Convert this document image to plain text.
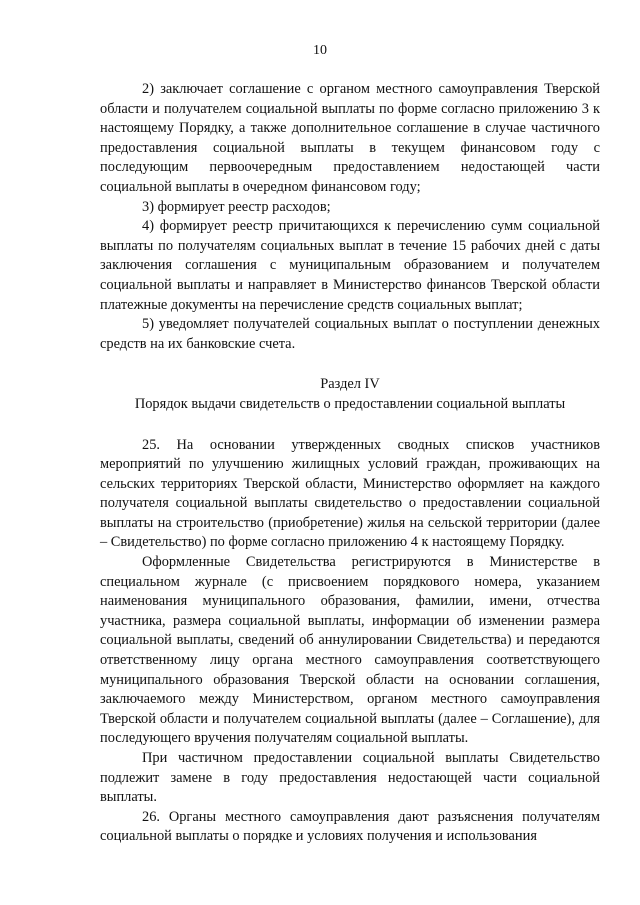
10

2) заключает соглашение с органом местного самоуправления Тверской области и получателем социальной выплаты по форме согласно приложению 3 к настоящему Порядку, а также дополнительное соглашение в случае частичного предоставления социальной выплаты в текущем финансовом году с последующим первоочередным предоставлением недостающей части социальной выплаты в очередном финансовом году;

3) формирует реестр расходов;

4) формирует реестр причитающихся к перечислению сумм социальной выплаты по получателям социальных выплат в течение 15 рабочих дней с даты заключения соглашения с муниципальным образованием и получателем социальной выплаты и направляет в Министерство финансов Тверской области платежные документы на перечисление средств социальных выплат;

5) уведомляет получателей социальных выплат о поступлении денежных средств на их банковские счета.

Раздел IV

Порядок выдачи свидетельств о предоставлении социальной выплаты

25. На основании утвержденных сводных списков участников мероприятий по улучшению жилищных условий граждан, проживающих на сельских территориях Тверской области, Министерство оформляет на каждого получателя социальной выплаты свидетельство о предоставлении социальной выплаты на строительство (приобретение) жилья на сельской территории (далее – Свидетельство) по форме согласно приложению 4 к настоящему Порядку.

Оформленные Свидетельства регистрируются в Министерстве в специальном журнале (с присвоением порядкового номера, указанием наименования муниципального образования, фамилии, имени, отчества участника, размера социальной выплаты, информации об изменении размера социальной выплаты, сведений об аннулировании Свидетельства) и передаются ответственному лицу органа местного самоуправления соответствующего муниципального образования Тверской области на основании соглашения, заключаемого между Министерством, органом местного самоуправления Тверской области и получателем социальной выплаты (далее – Соглашение), для последующего вручения получателям социальной выплаты.

При частичном предоставлении социальной выплаты Свидетельство подлежит замене в году предоставления недостающей части социальной выплаты.

26. Органы местного самоуправления дают разъяснения получателям социальной выплаты о порядке и условиях получения и использования
